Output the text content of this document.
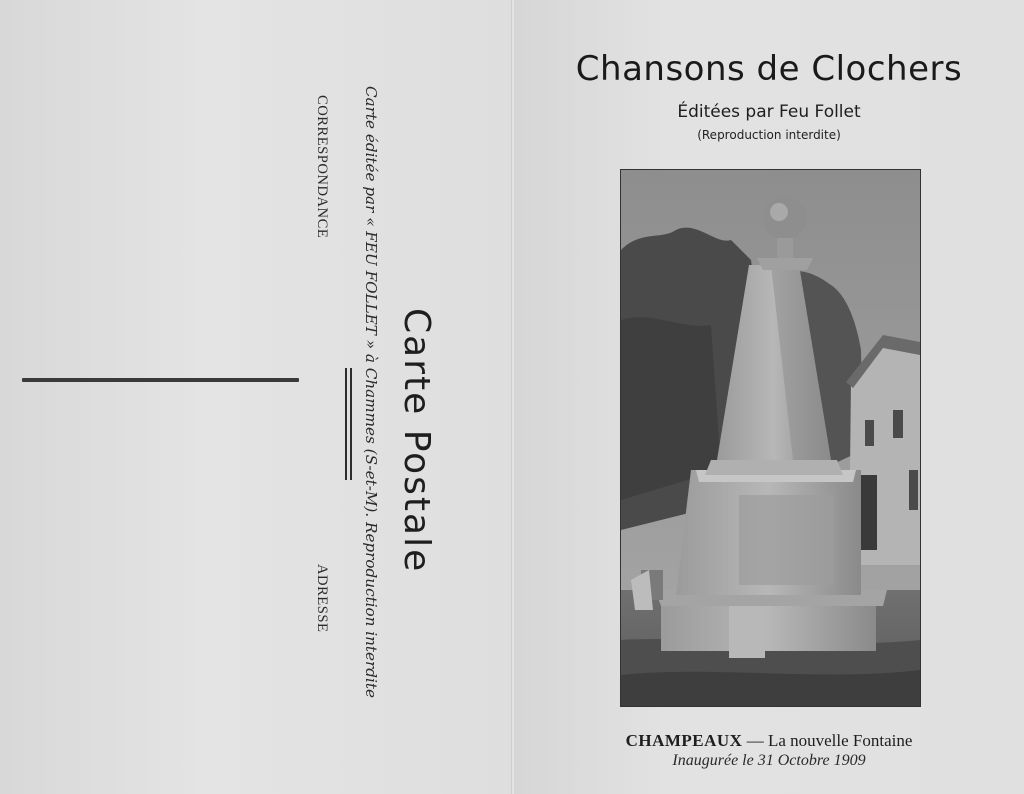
Carte Postale
Carte éditée par « FEU FOLLET » à Chammes (S-et-M). Reproduction interdite
CORRESPONDANCE
ADRESSE
Chansons de Clochers
Éditées par Feu Follet
(Reproduction interdite)
CHAMPEAUX — La nouvelle Fontaine
Inaugurée le 31 Octobre 1909
